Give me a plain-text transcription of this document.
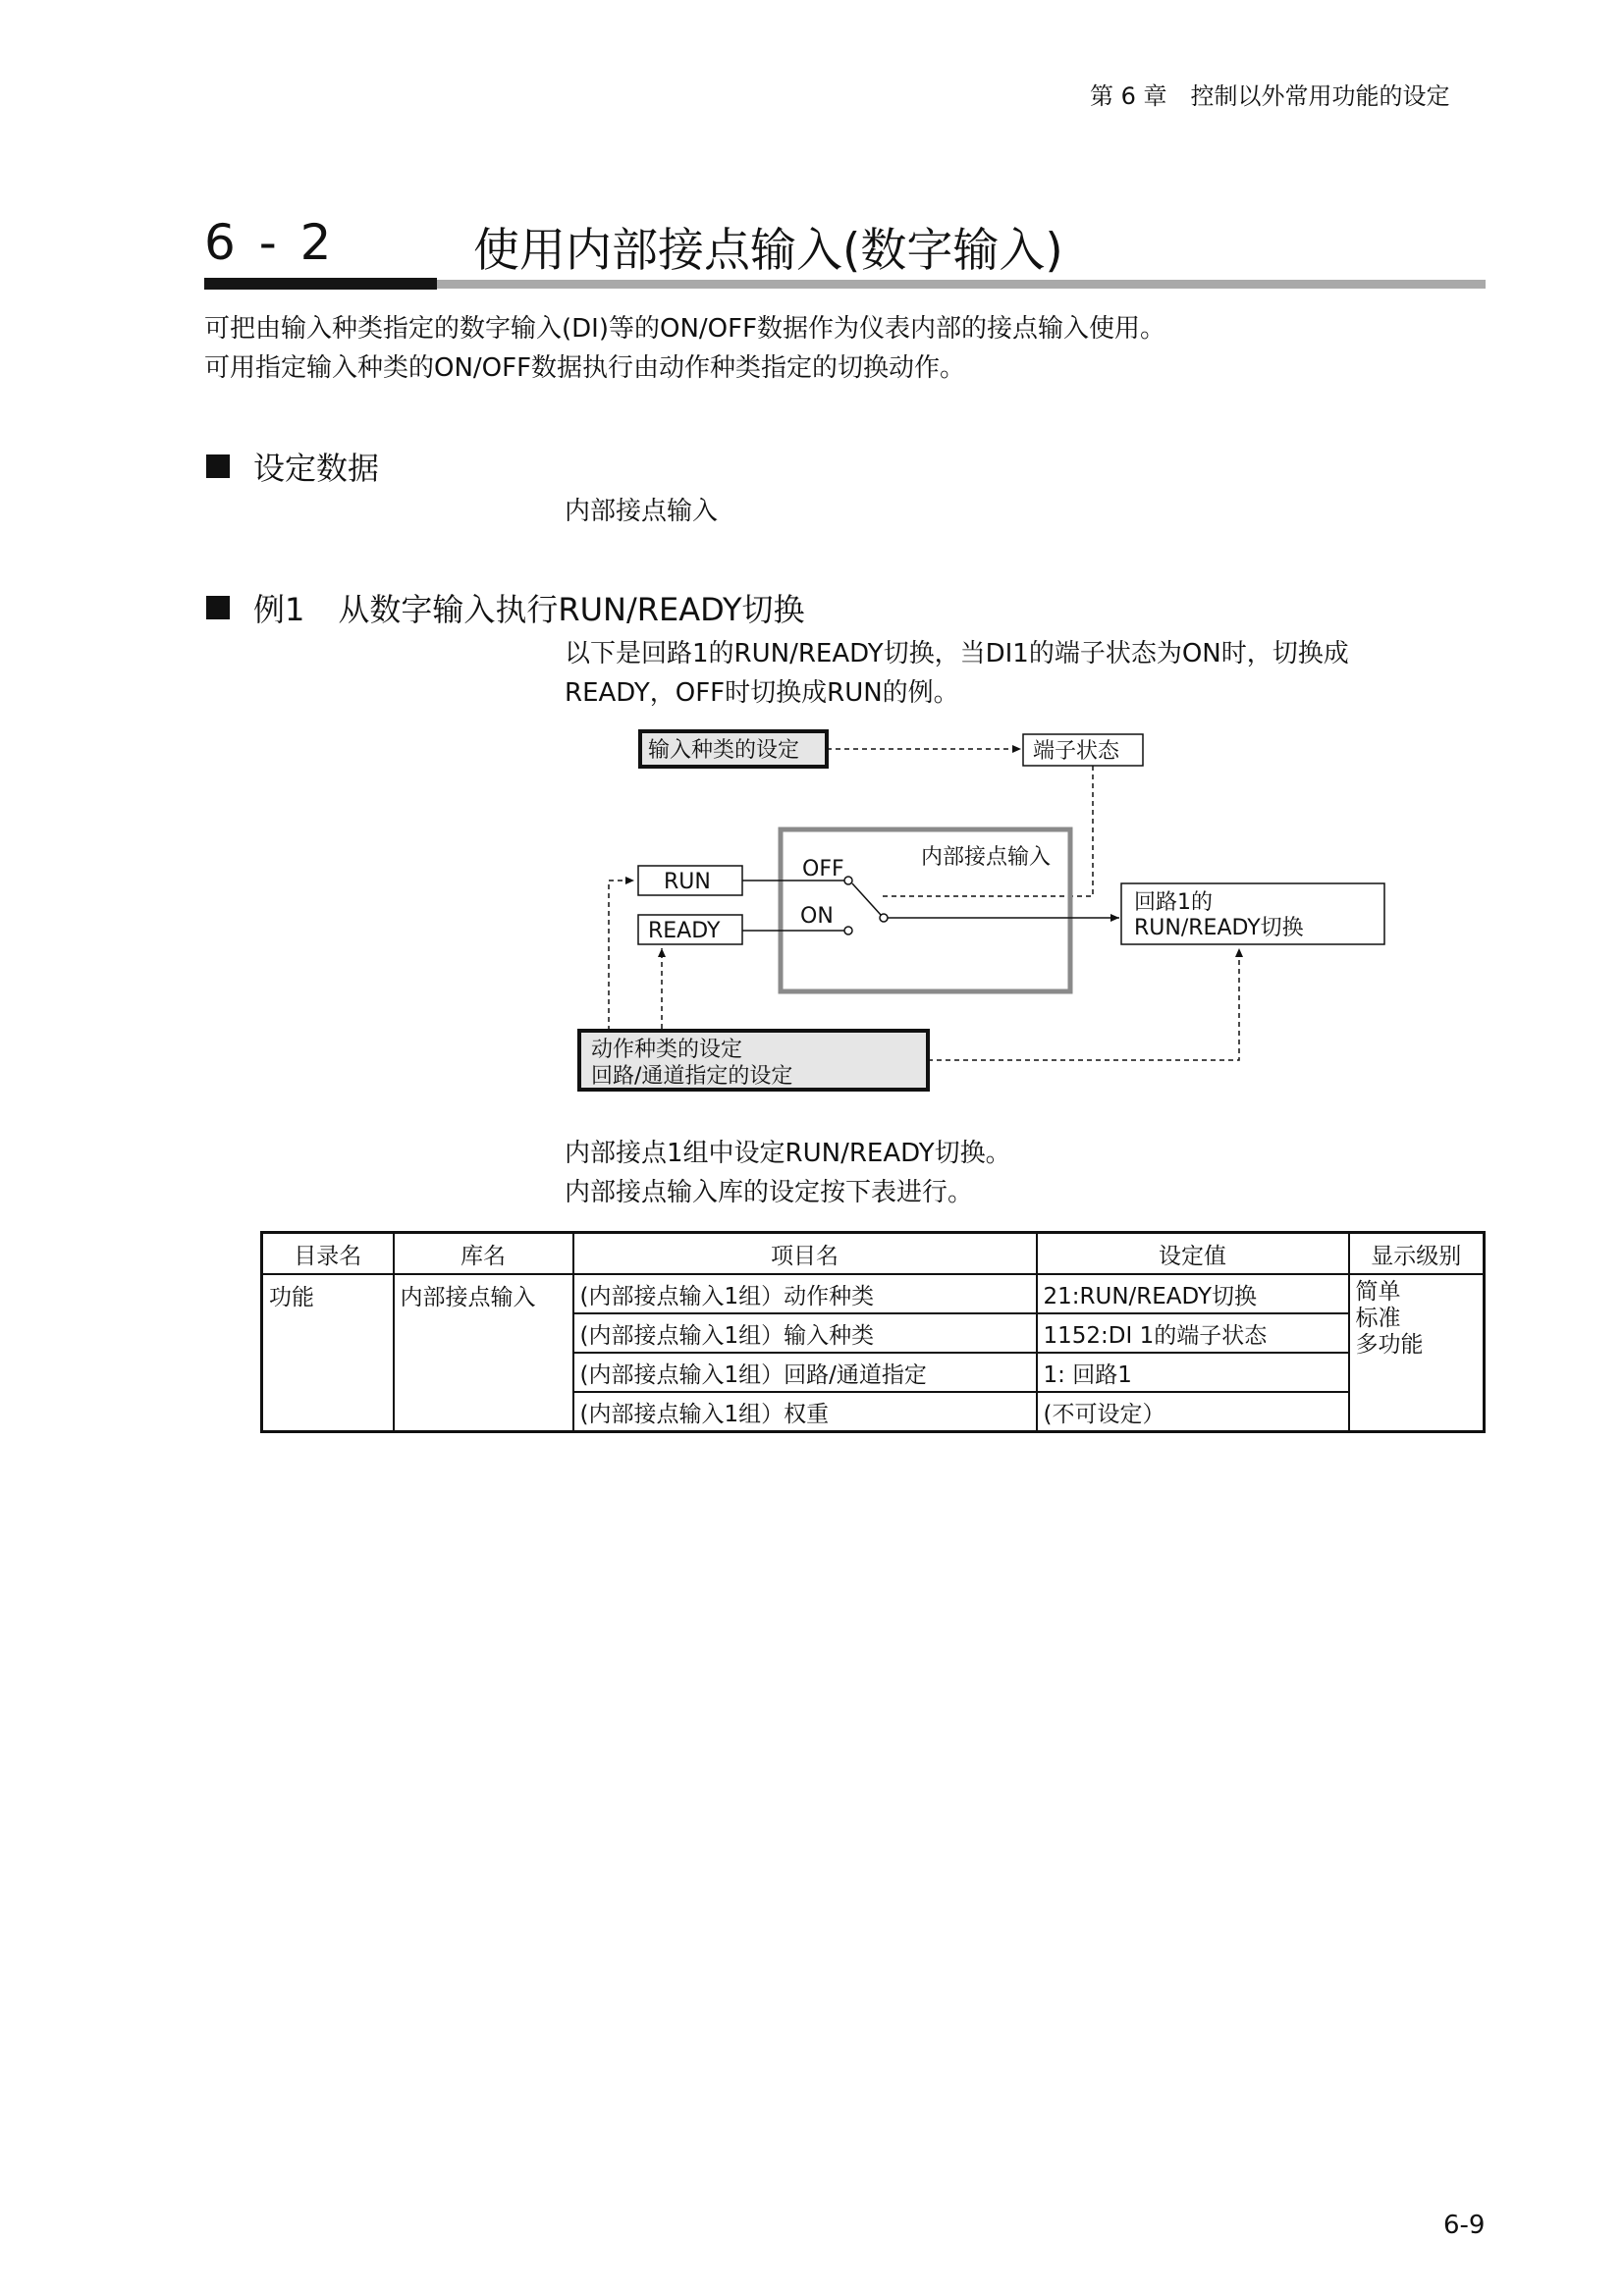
第 6 章　控制以外常用功能的设定
6 - 2	使用内部接点输入(数字输入)
可把由输入种类指定的数字输入(DI)等的ON/OFF数据作为仪表内部的接点输入使用。
可用指定输入种类的ON/OFF数据执行由动作种类指定的切换动作。
设定数据
内部接点输入
例1 从数字输入执行RUN/READY切换
以下是回路1的RUN/READY切换，当DI1的端子状态为ON时，切换成
READY，OFF时切换成RUN的例。
输入种类的设定	端子状态
内部接点输入
RUN
READY
OFF
ON
回路1的
RUN/READY切换
动作种类的设定
回路/通道指定的设定
内部接点1组中设定RUN/READY切换。
内部接点输入库的设定按下表进行。
目录名	库名	项目名	设定值	显示级别
功能	内部接点输入	(内部接点输入1组）动作种类	21:RUN/READY切换	简单
标准
多功能

		(内部接点输入1组）输入种类	1152:DI 1的端子状态	
		(内部接点输入1组）回路/通道指定	1: 回路1	
		(内部接点输入1组）权重	(不可设定）	
6-9
